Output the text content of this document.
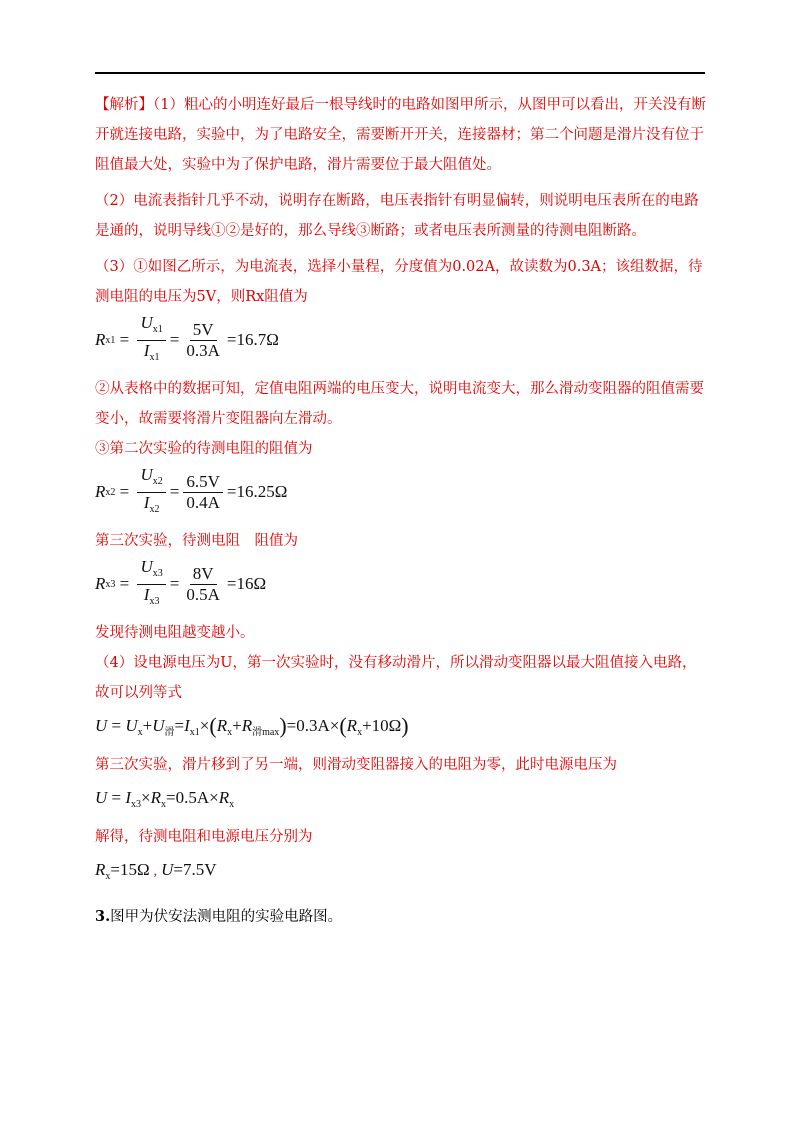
【解析】（1）粗心的小明连好最后一根导线时的电路如图甲所示，从图甲可以看出，开关没有断开就连接电路，实验中，为了电路安全，需要断开开关，连接器材；第二个问题是滑片没有位于阻值最大处，实验中为了保护电路，滑片需要位于最大阻值处。

（2）电流表指针几乎不动，说明存在断路，电压表指针有明显偏转，则说明电压表所在的电路是通的，说明导线①②是好的，那么导线③断路；或者电压表所测量的待测电阻断路。

（3）①如图乙所示，为电流表，选择小量程，分度值为0.02A，故读数为0.3A；该组数据，待测电阻的电压为5V，则Rx阻值为

R $x1 = \frac{U_{x1}}{I_{x1}} = \frac{5V}{0.3A} =16.7\Omega$

②从表格中的数据可知，定值电阻两端的电压变大，说明电流变大，那么滑动变阻器的阻值需要变小，故需要将滑片变阻器向左滑动。

③第二次实验的待测电阻的阻值为

R $x2 = \frac{U_{x2}}{I_{x2}} = \frac{6.5V}{0.4A} =16.25\Omega$

第三次实验，待测电阻　阻值为

R $x3 = \frac{U_{x3}}{I_{x3}} = \frac{8V}{0.5A} =16\Omega$

发现待测电阻越变越小。

（4）设电源电压为U，第一次实验时，没有移动滑片，所以滑动变阻器以最大阻值接入电路，故可以列等式

$U = U_x+U_滑=I_{x1}\times(R_x+R_{滑max})=0.3A\times(R_x+10\Omega)$

第三次实验，滑片移到了另一端，则滑动变阻器接入的电阻为零，此时电源电压为

$U = I_{x3}\times R_x=0.5A\times R_x$

解得，待测电阻和电源电压分别为

$R_x=15\Omega$ , U=7.5V
3.图甲为伏安法测电阻的实验电路图。
